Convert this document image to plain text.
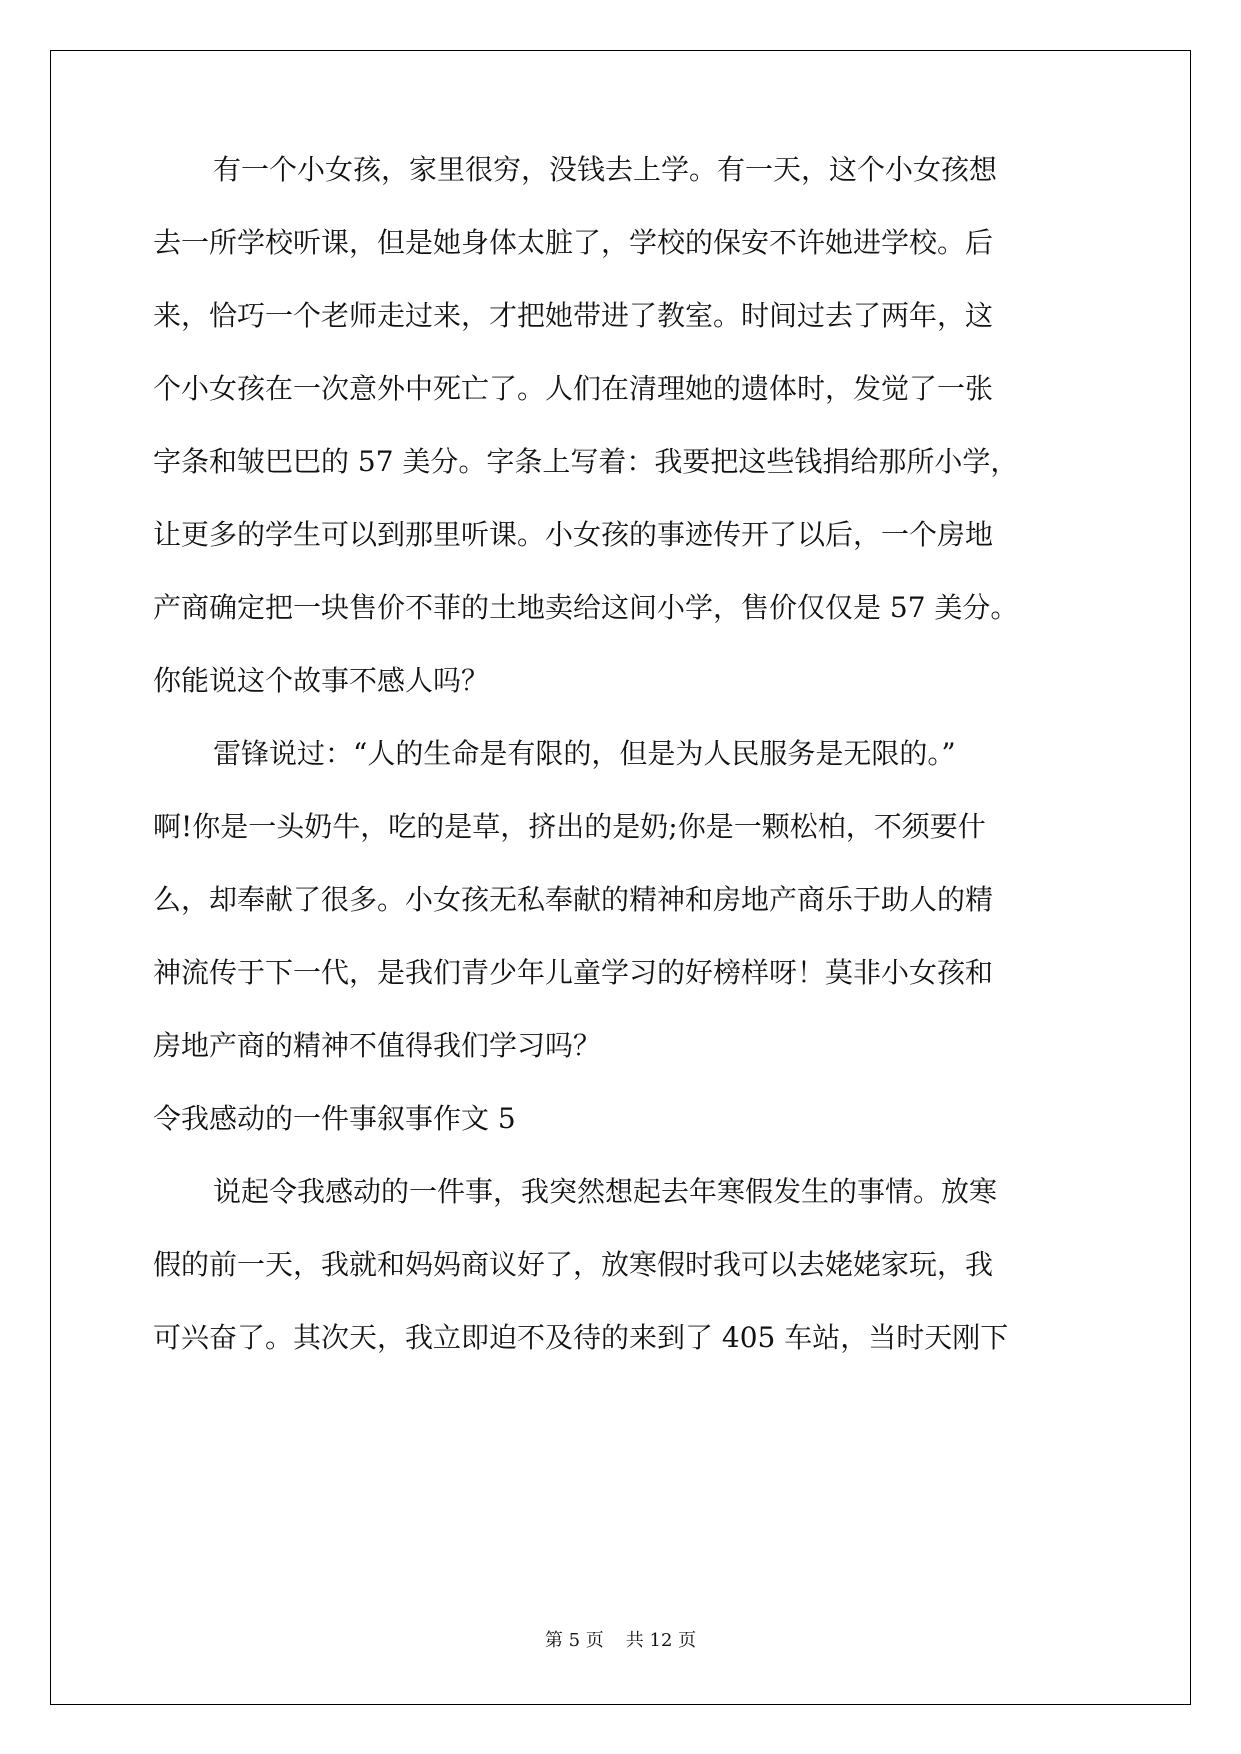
有一个小女孩，家里很穷，没钱去上学。有一天，这个小女孩想

去一所学校听课，但是她身体太脏了，学校的保安不许她进学校。后

来，恰巧一个老师走过来，才把她带进了教室。时间过去了两年，这

个小女孩在一次意外中死亡了。人们在清理她的遗体时，发觉了一张

字条和皱巴巴的 57 美分。字条上写着：我要把这些钱捐给那所小学，

让更多的学生可以到那里听课。小女孩的事迹传开了以后，一个房地

产商确定把一块售价不菲的土地卖给这间小学，售价仅仅是 57 美分。

你能说这个故事不感人吗？

雷锋说过：“人的生命是有限的，但是为人民服务是无限的。”

啊!你是一头奶牛，吃的是草，挤出的是奶;你是一颗松柏，不须要什

么，却奉献了很多。小女孩无私奉献的精神和房地产商乐于助人的精

神流传于下一代，是我们青少年儿童学习的好榜样呀！莫非小女孩和

房地产商的精神不值得我们学习吗？

令我感动的一件事叙事作文 5

说起令我感动的一件事，我突然想起去年寒假发生的事情。放寒

假的前一天，我就和妈妈商议好了，放寒假时我可以去姥姥家玩，我

可兴奋了。其次天，我立即迫不及待的来到了 405 车站，当时天刚下

第 5 页 共 12 页
